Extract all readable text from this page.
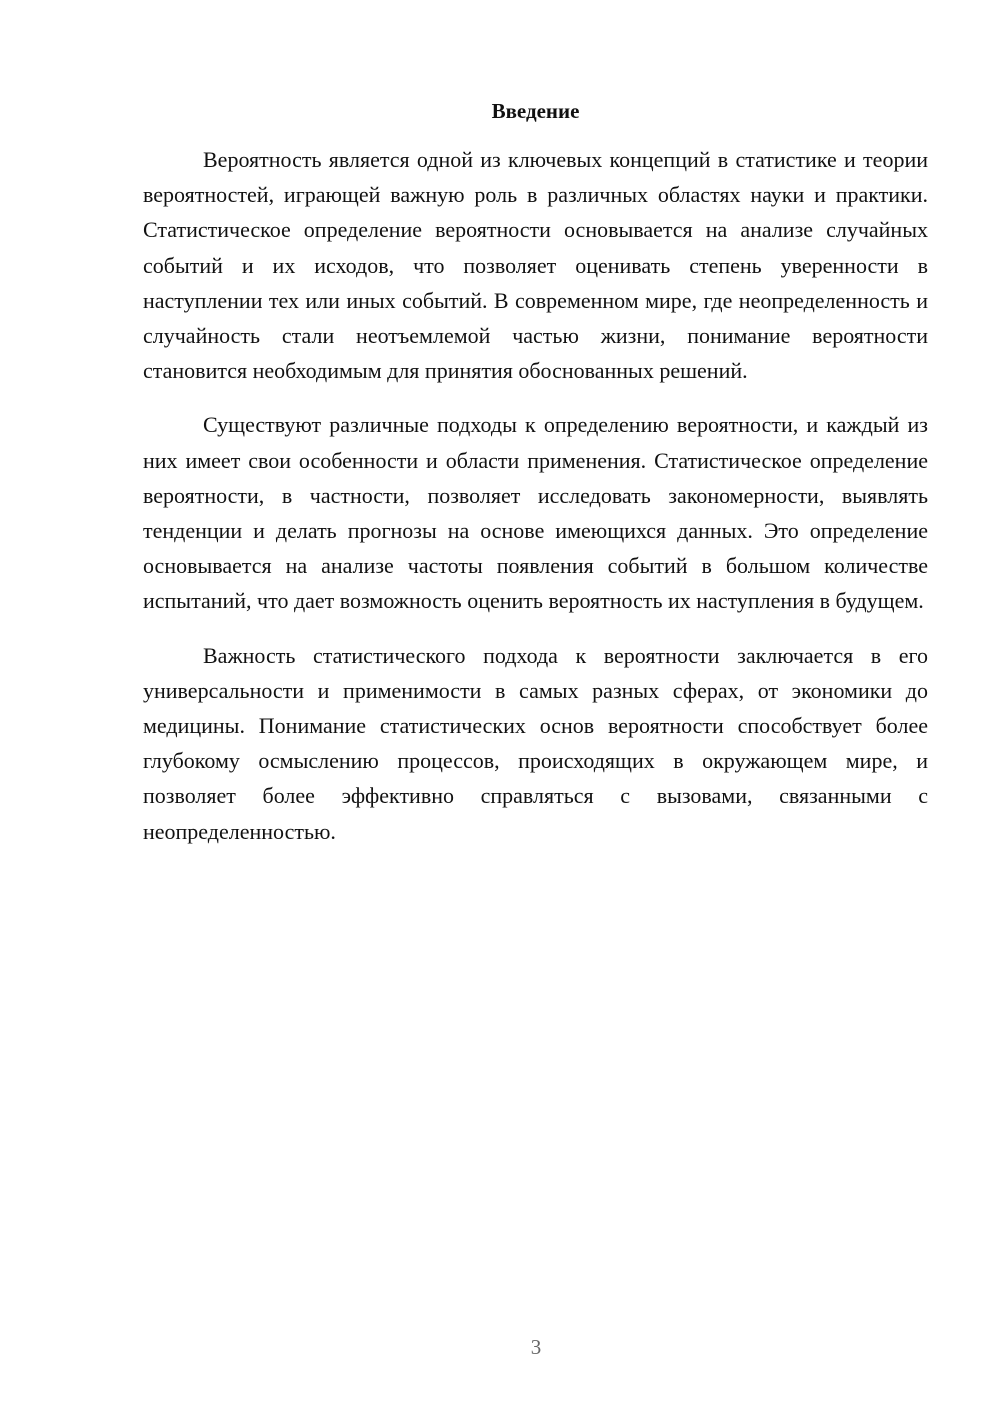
Введение

Вероятность является одной из ключевых концепций в статистике и теории вероятностей, играющей важную роль в различных областях науки и практики. Статистическое определение вероятности основывается на анализе случайных событий и их исходов, что позволяет оценивать степень уверенности в наступлении тех или иных событий. В современном мире, где неопределенность и случайность стали неотъемлемой частью жизни, понимание вероятности становится необходимым для принятия обоснованных решений.

Существуют различные подходы к определению вероятности, и каждый из них имеет свои особенности и области применения. Статистическое определение вероятности, в частности, позволяет исследовать закономерности, выявлять тенденции и делать прогнозы на основе имеющихся данных. Это определение основывается на анализе частоты появления событий в большом количестве испытаний, что дает возможность оценить вероятность их наступления в будущем.

Важность статистического подхода к вероятности заключается в его универсальности и применимости в самых разных сферах, от экономики до медицины. Понимание статистических основ вероятности способствует более глубокому осмыслению процессов, происходящих в окружающем мире, и позволяет более эффективно справляться с вызовами, связанными с неопределенностью.

3
